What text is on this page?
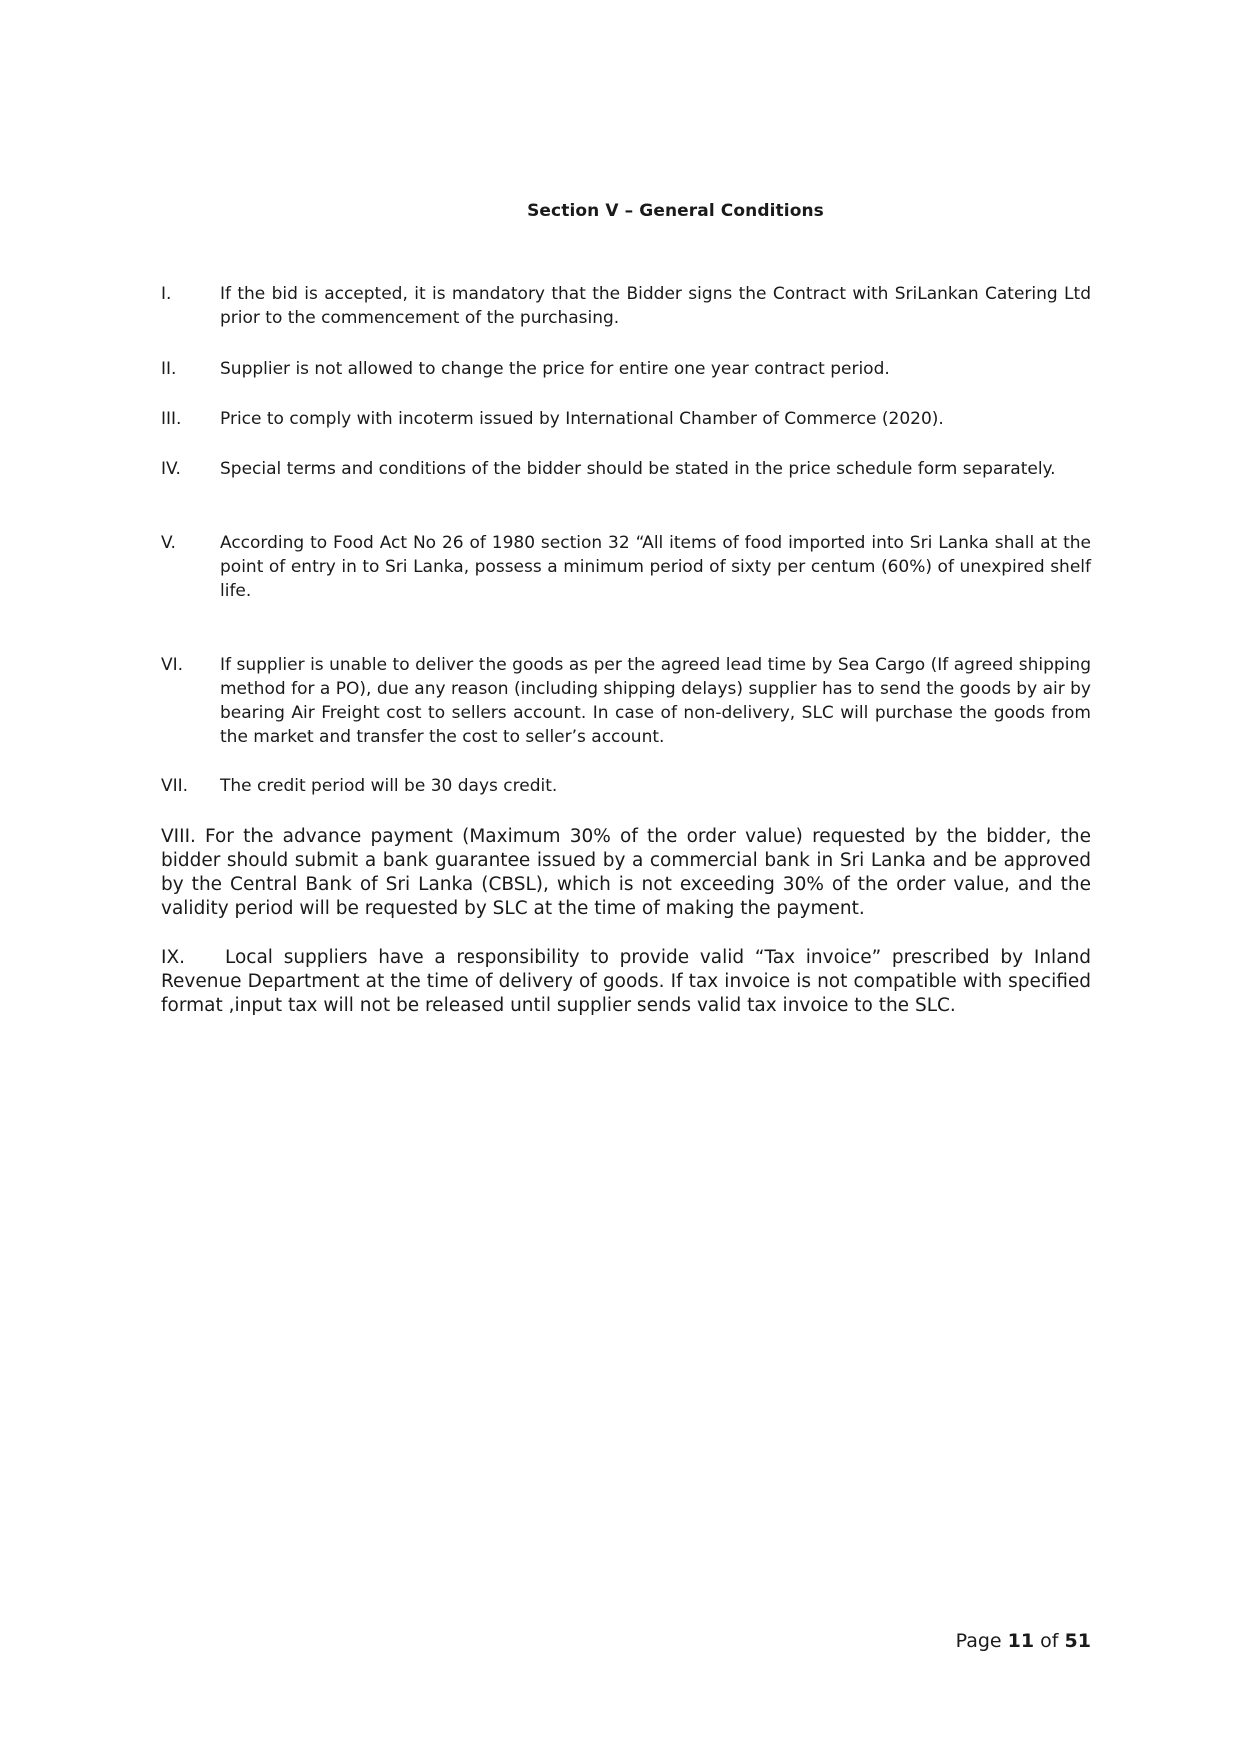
Section V – General Conditions
I.	If the bid is accepted, it is mandatory that the Bidder signs the Contract with SriLankan Catering Ltd prior to the commencement of the purchasing.
II.	Supplier is not allowed to change the price for entire one year contract period.
III.	Price to comply with incoterm issued by International Chamber of Commerce (2020).
IV.	Special terms and conditions of the bidder should be stated in the price schedule form separately.
V.	According to Food Act No 26 of 1980 section 32 “All items of food imported into Sri Lanka shall at the point of entry in to Sri Lanka, possess a minimum period of sixty per centum (60%) of unexpired shelf life.
VI.	If supplier is unable to deliver the goods as per the agreed lead time by Sea Cargo (If agreed shipping method for a PO), due any reason (including shipping delays) supplier has to send the goods by air by bearing Air Freight cost to sellers account. In case of non-delivery, SLC will purchase the goods from the market and transfer the cost to seller’s account.
VII.	The credit period will be 30 days credit.
VIII. For the advance payment (Maximum 30% of the order value) requested by the bidder, the bidder should submit a bank guarantee issued by a commercial bank in Sri Lanka and be approved by the Central Bank of Sri Lanka (CBSL), which is not exceeding 30% of the order value, and the validity period will be requested by SLC at the time of making the payment.
IX. Local suppliers have a responsibility to provide valid “Tax invoice” prescribed by Inland Revenue Department at the time of delivery of goods. If tax invoice is not compatible with specified format ,input tax will not be released until supplier sends valid tax invoice to the SLC.
Page 11 of 51
